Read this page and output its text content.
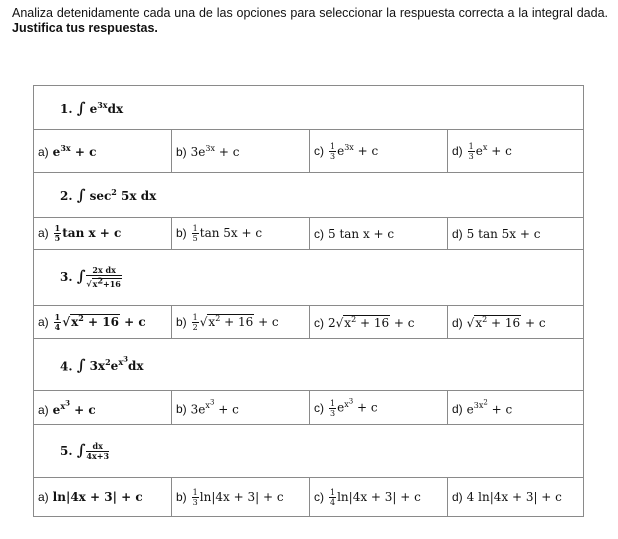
Analiza detenidamente cada una de las opciones para seleccionar la respuesta correcta a la integral dada. Justifica tus respuestas.
1. ∫ $e^{3x}dx$			
a) $e^{3x} + c$	b) $3e^{3x} + c$	$c) \frac{1}{3} e^{3x} + c$	$d) \frac{1}{3} e^x + c$
2. ∫ $\sec^2 5x$ dx			
$a) \frac{1}{5}$ tan x + c	$b) \frac{1}{5}$ tan 5x + c	c) 5 tan x + c	d) 5 tan 5x + c
3. ∫ $\frac{\text{2x dx}}{√x^2+16}$

$a) \frac{1}{4} √x^2 + 16 + c$	$b) \frac{1}{2} √x^2 + 16 + c$	c) $2√x^2 + 16 + c$	d) $√x^2 + 16 + c$
4. ∫ $3x^2e^{x^3}dx$			
a) $e^{x^3} + c$	b) $3e^{x^3} + c$	$c) \frac{1}{3} e^{x^3} + c$	d) $e^{3x^2} + c$
5. ∫ $\frac{dx}{4x+3}$

a) ln|4x + 3| + c	$b) \frac{1}{3} \ln|4x + 3| + c$	$c) \frac{1}{4} \ln|4x + 3| + c$	d) 4 ln|4x + 3| + c
